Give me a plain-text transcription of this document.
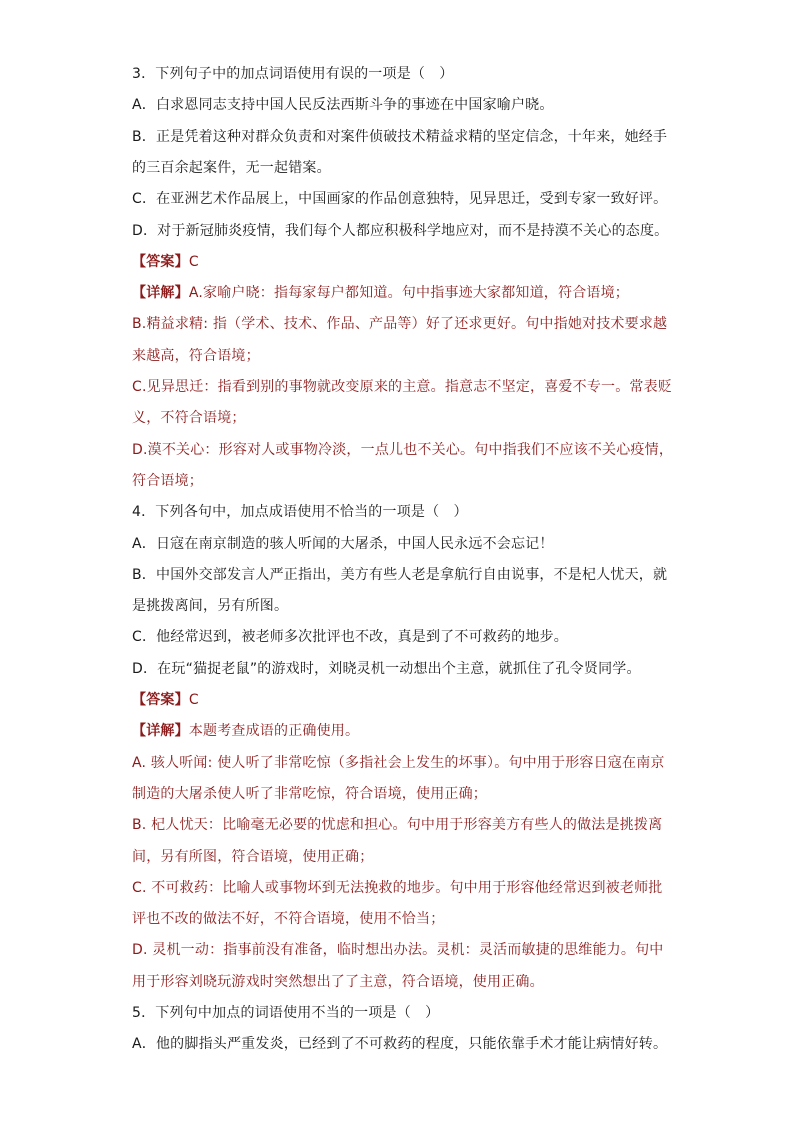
3．下列句子中的加点词语使用有误的一项是（　）
A．白求恩同志支持中国人民反法西斯斗争的事迹在中国家喻户晓。
B．正是凭着这种对群众负责和对案件侦破技术精益求精的坚定信念，十年来，她经手
的三百余起案件，无一起错案。
C．在亚洲艺术作品展上，中国画家的作品创意独特，见异思迁，受到专家一致好评。
D．对于新冠肺炎疫情，我们每个人都应积极科学地应对，而不是持漠不关心的态度。
【答案】C
【详解】A.家喻户晓：指每家每户都知道。句中指事迹大家都知道，符合语境；
B.精益求精: 指（学术、技术、作品、产品等）好了还求更好。句中指她对技术要求越
来越高，符合语境；
C.见异思迁：指看到别的事物就改变原来的主意。指意志不坚定，喜爱不专一。常表贬
义，不符合语境；
D.漠不关心：形容对人或事物冷淡，一点儿也不关心。句中指我们不应该不关心疫情，
符合语境；
4．下列各句中，加点成语使用不恰当的一项是（　）
A．日寇在南京制造的骇人听闻的大屠杀，中国人民永远不会忘记！
B．中国外交部发言人严正指出，美方有些人老是拿航行自由说事，不是杞人忧天，就
是挑拨离间，另有所图。
C．他经常迟到，被老师多次批评也不改，真是到了不可救药的地步。
D．在玩“猫捉老鼠”的游戏时，刘晓灵机一动想出个主意，就抓住了孔令贤同学。
【答案】C
【详解】本题考查成语的正确使用。
A. 骇人听闻: 使人听了非常吃惊（多指社会上发生的坏事）。句中用于形容日寇在南京
制造的大屠杀使人听了非常吃惊，符合语境，使用正确；
B. 杞人忧天：比喻毫无必要的忧虑和担心。句中用于形容美方有些人的做法是挑拨离
间，另有所图，符合语境，使用正确；
C. 不可救药：比喻人或事物坏到无法挽救的地步。句中用于形容他经常迟到被老师批
评也不改的做法不好，不符合语境，使用不恰当；
D. 灵机一动：指事前没有准备，临时想出办法。灵机：灵活而敏捷的思维能力。句中
用于形容刘晓玩游戏时突然想出了了主意，符合语境，使用正确。
5．下列句中加点的词语使用不当的一项是（　）
A．他的脚指头严重发炎，已经到了不可救药的程度，只能依靠手术才能让病情好转。
